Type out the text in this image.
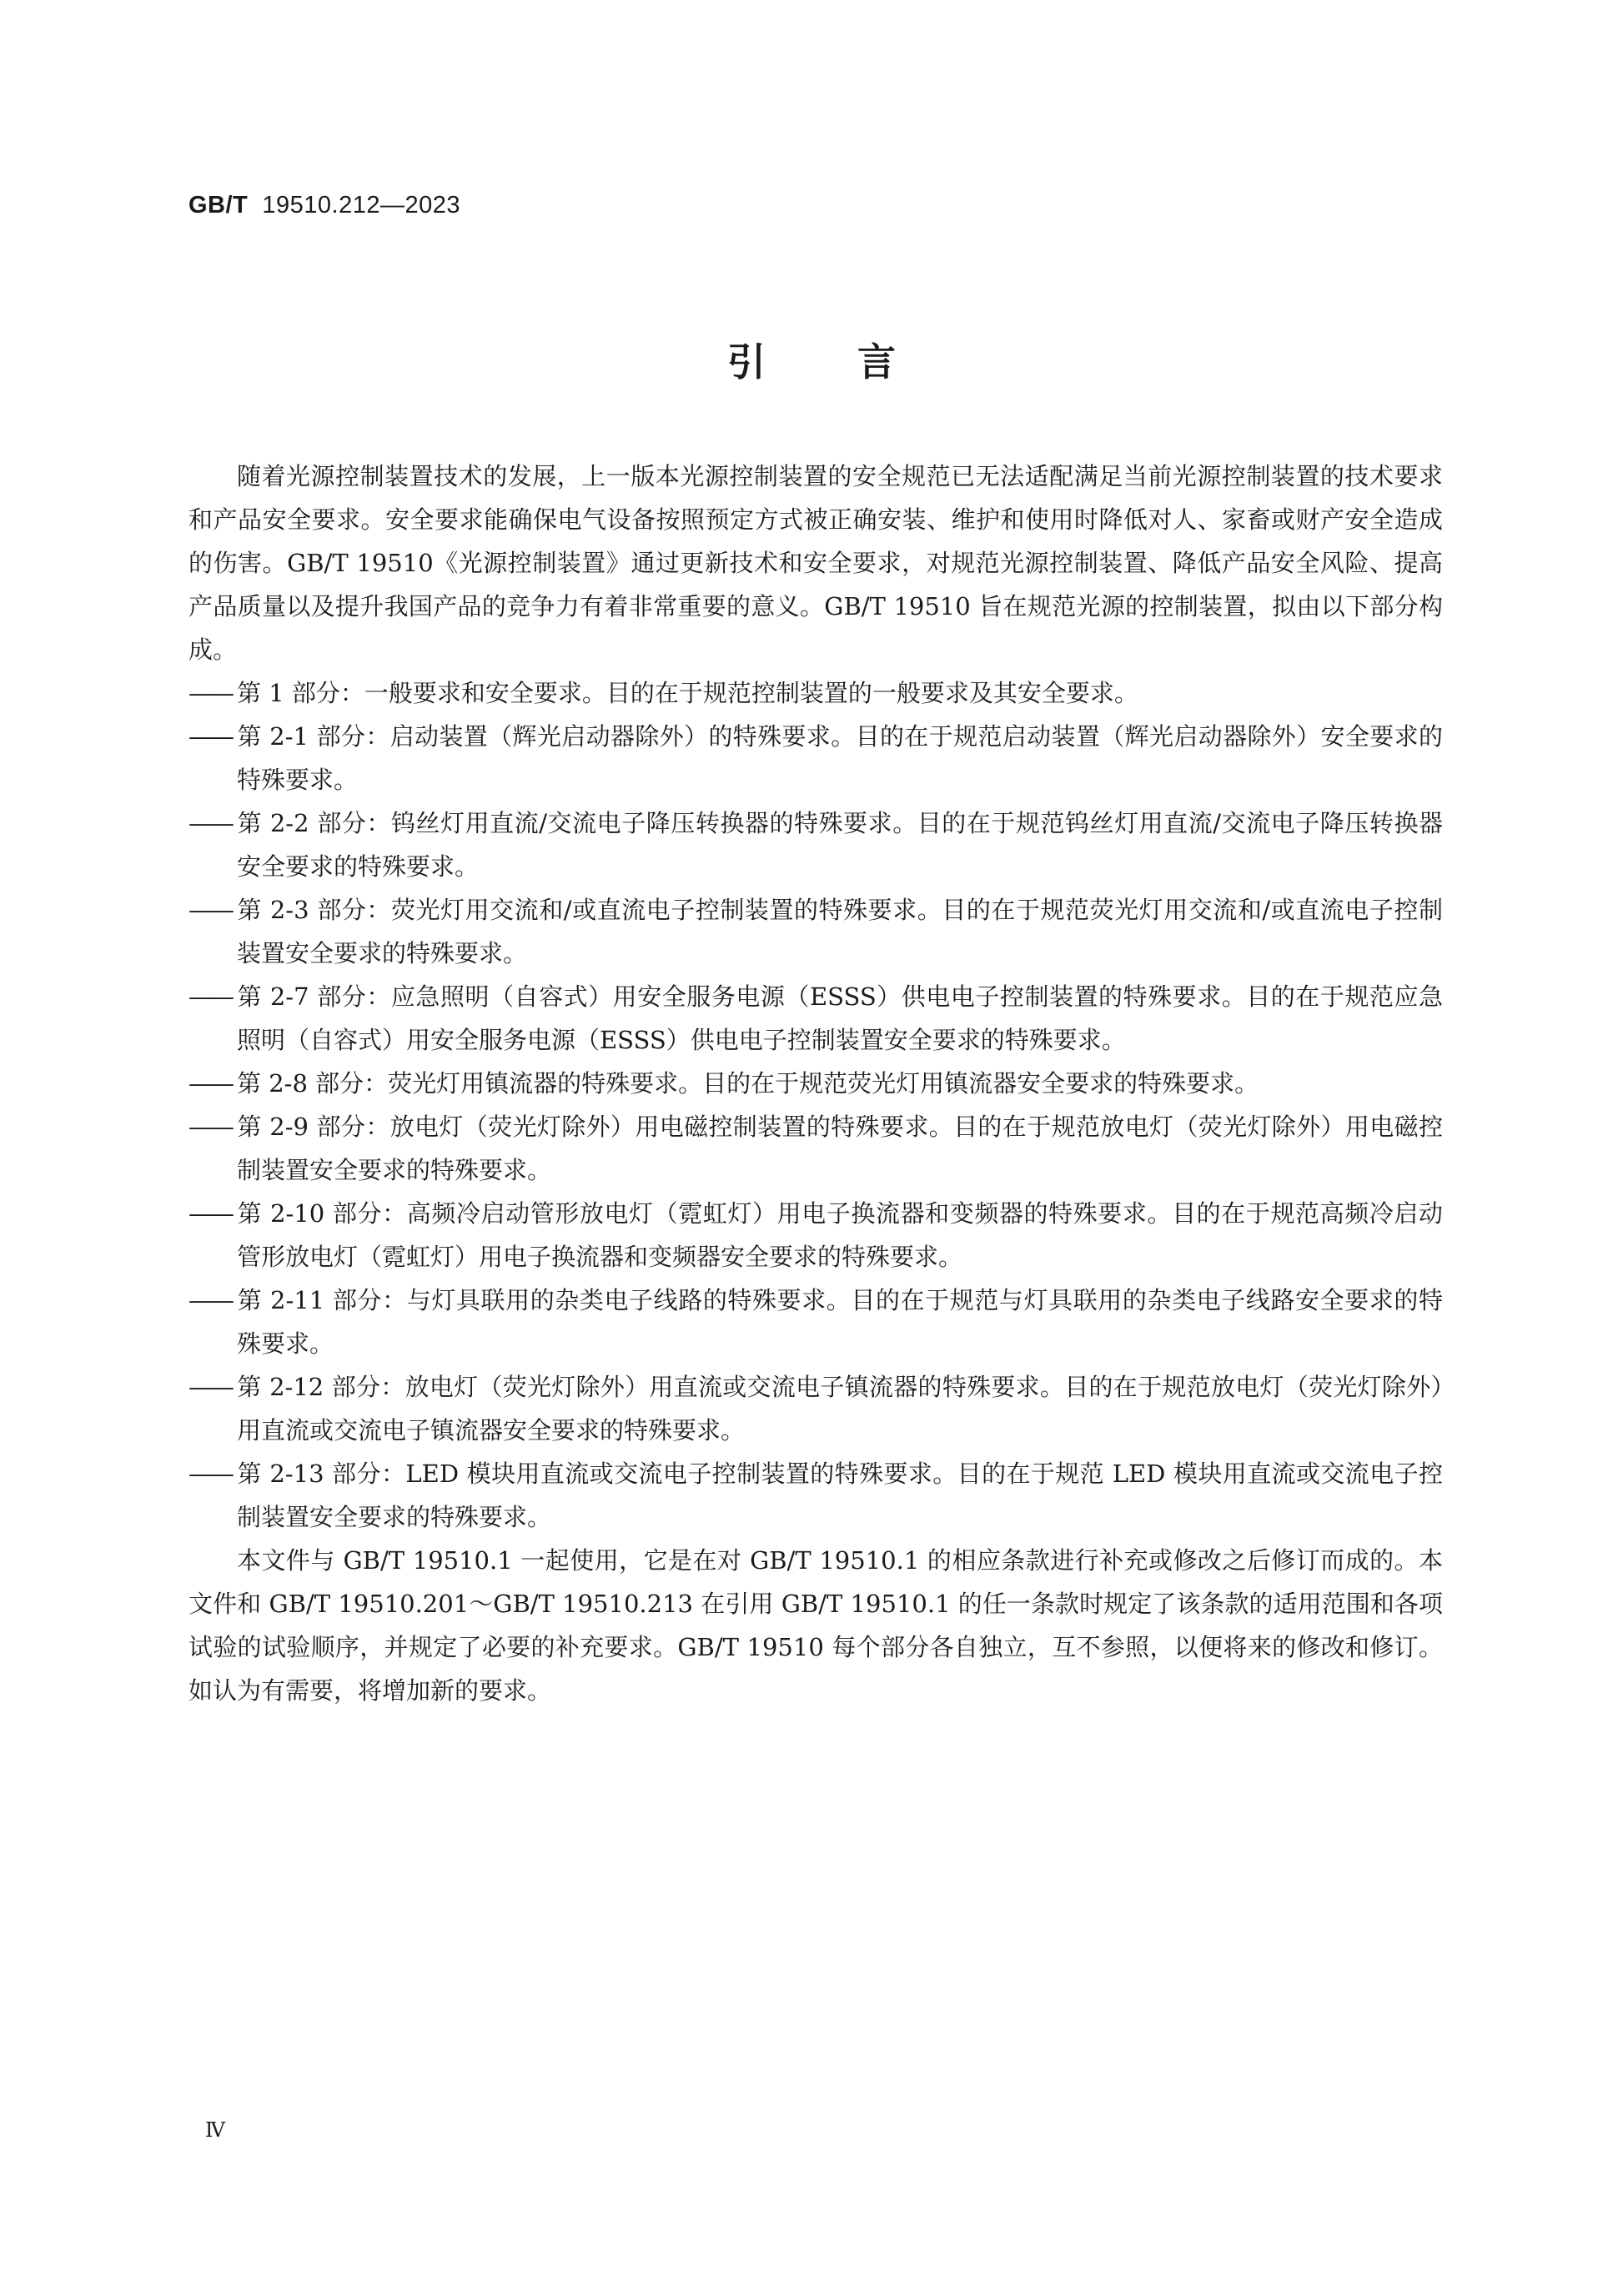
GB/T 19510.212—2023
引言

随着光源控制装置技术的发展，上一版本光源控制装置的安全规范已无法适配满足当前光源控制装置的技术要求和产品安全要求。安全要求能确保电气设备按照预定方式被正确安装、维护和使用时降低对人、家畜或财产安全造成的伤害。GB/T 19510《光源控制装置》通过更新技术和安全要求，对规范光源控制装置、降低产品安全风险、提高产品质量以及提升我国产品的竞争力有着非常重要的意义。GB/T 19510 旨在规范光源的控制装置，拟由以下部分构成。

—— 第 1 部分：一般要求和安全要求。目的在于规范控制装置的一般要求及其安全要求。
—— 第 2-1 部分：启动装置（辉光启动器除外）的特殊要求。目的在于规范启动装置（辉光启动器除外）安全要求的特殊要求。
—— 第 2-2 部分：钨丝灯用直流/交流电子降压转换器的特殊要求。目的在于规范钨丝灯用直流/交流电子降压转换器安全要求的特殊要求。
—— 第 2-3 部分：荧光灯用交流和/或直流电子控制装置的特殊要求。目的在于规范荧光灯用交流和/或直流电子控制装置安全要求的特殊要求。
—— 第 2-7 部分：应急照明（自容式）用安全服务电源（ESSS）供电电子控制装置的特殊要求。目的在于规范应急照明（自容式）用安全服务电源（ESSS）供电电子控制装置安全要求的特殊要求。
—— 第 2-8 部分：荧光灯用镇流器的特殊要求。目的在于规范荧光灯用镇流器安全要求的特殊要求。
—— 第 2-9 部分：放电灯（荧光灯除外）用电磁控制装置的特殊要求。目的在于规范放电灯（荧光灯除外）用电磁控制装置安全要求的特殊要求。
—— 第 2-10 部分：高频冷启动管形放电灯（霓虹灯）用电子换流器和变频器的特殊要求。目的在于规范高频冷启动管形放电灯（霓虹灯）用电子换流器和变频器安全要求的特殊要求。
—— 第 2-11 部分：与灯具联用的杂类电子线路的特殊要求。目的在于规范与灯具联用的杂类电子线路安全要求的特殊要求。
—— 第 2-12 部分：放电灯（荧光灯除外）用直流或交流电子镇流器的特殊要求。目的在于规范放电灯（荧光灯除外）用直流或交流电子镇流器安全要求的特殊要求。
—— 第 2-13 部分：LED 模块用直流或交流电子控制装置的特殊要求。目的在于规范 LED 模块用直流或交流电子控制装置安全要求的特殊要求。

本文件与 GB/T 19510.1 一起使用，它是在对 GB/T 19510.1 的相应条款进行补充或修改之后修订而成的。本文件和 GB/T 19510.201～GB/T 19510.213 在引用 GB/T 19510.1 的任一条款时规定了该条款的适用范围和各项试验的试验顺序，并规定了必要的补充要求。GB/T 19510 每个部分各自独立，互不参照，以便将来的修改和修订。如认为有需要，将增加新的要求。

Ⅳ
